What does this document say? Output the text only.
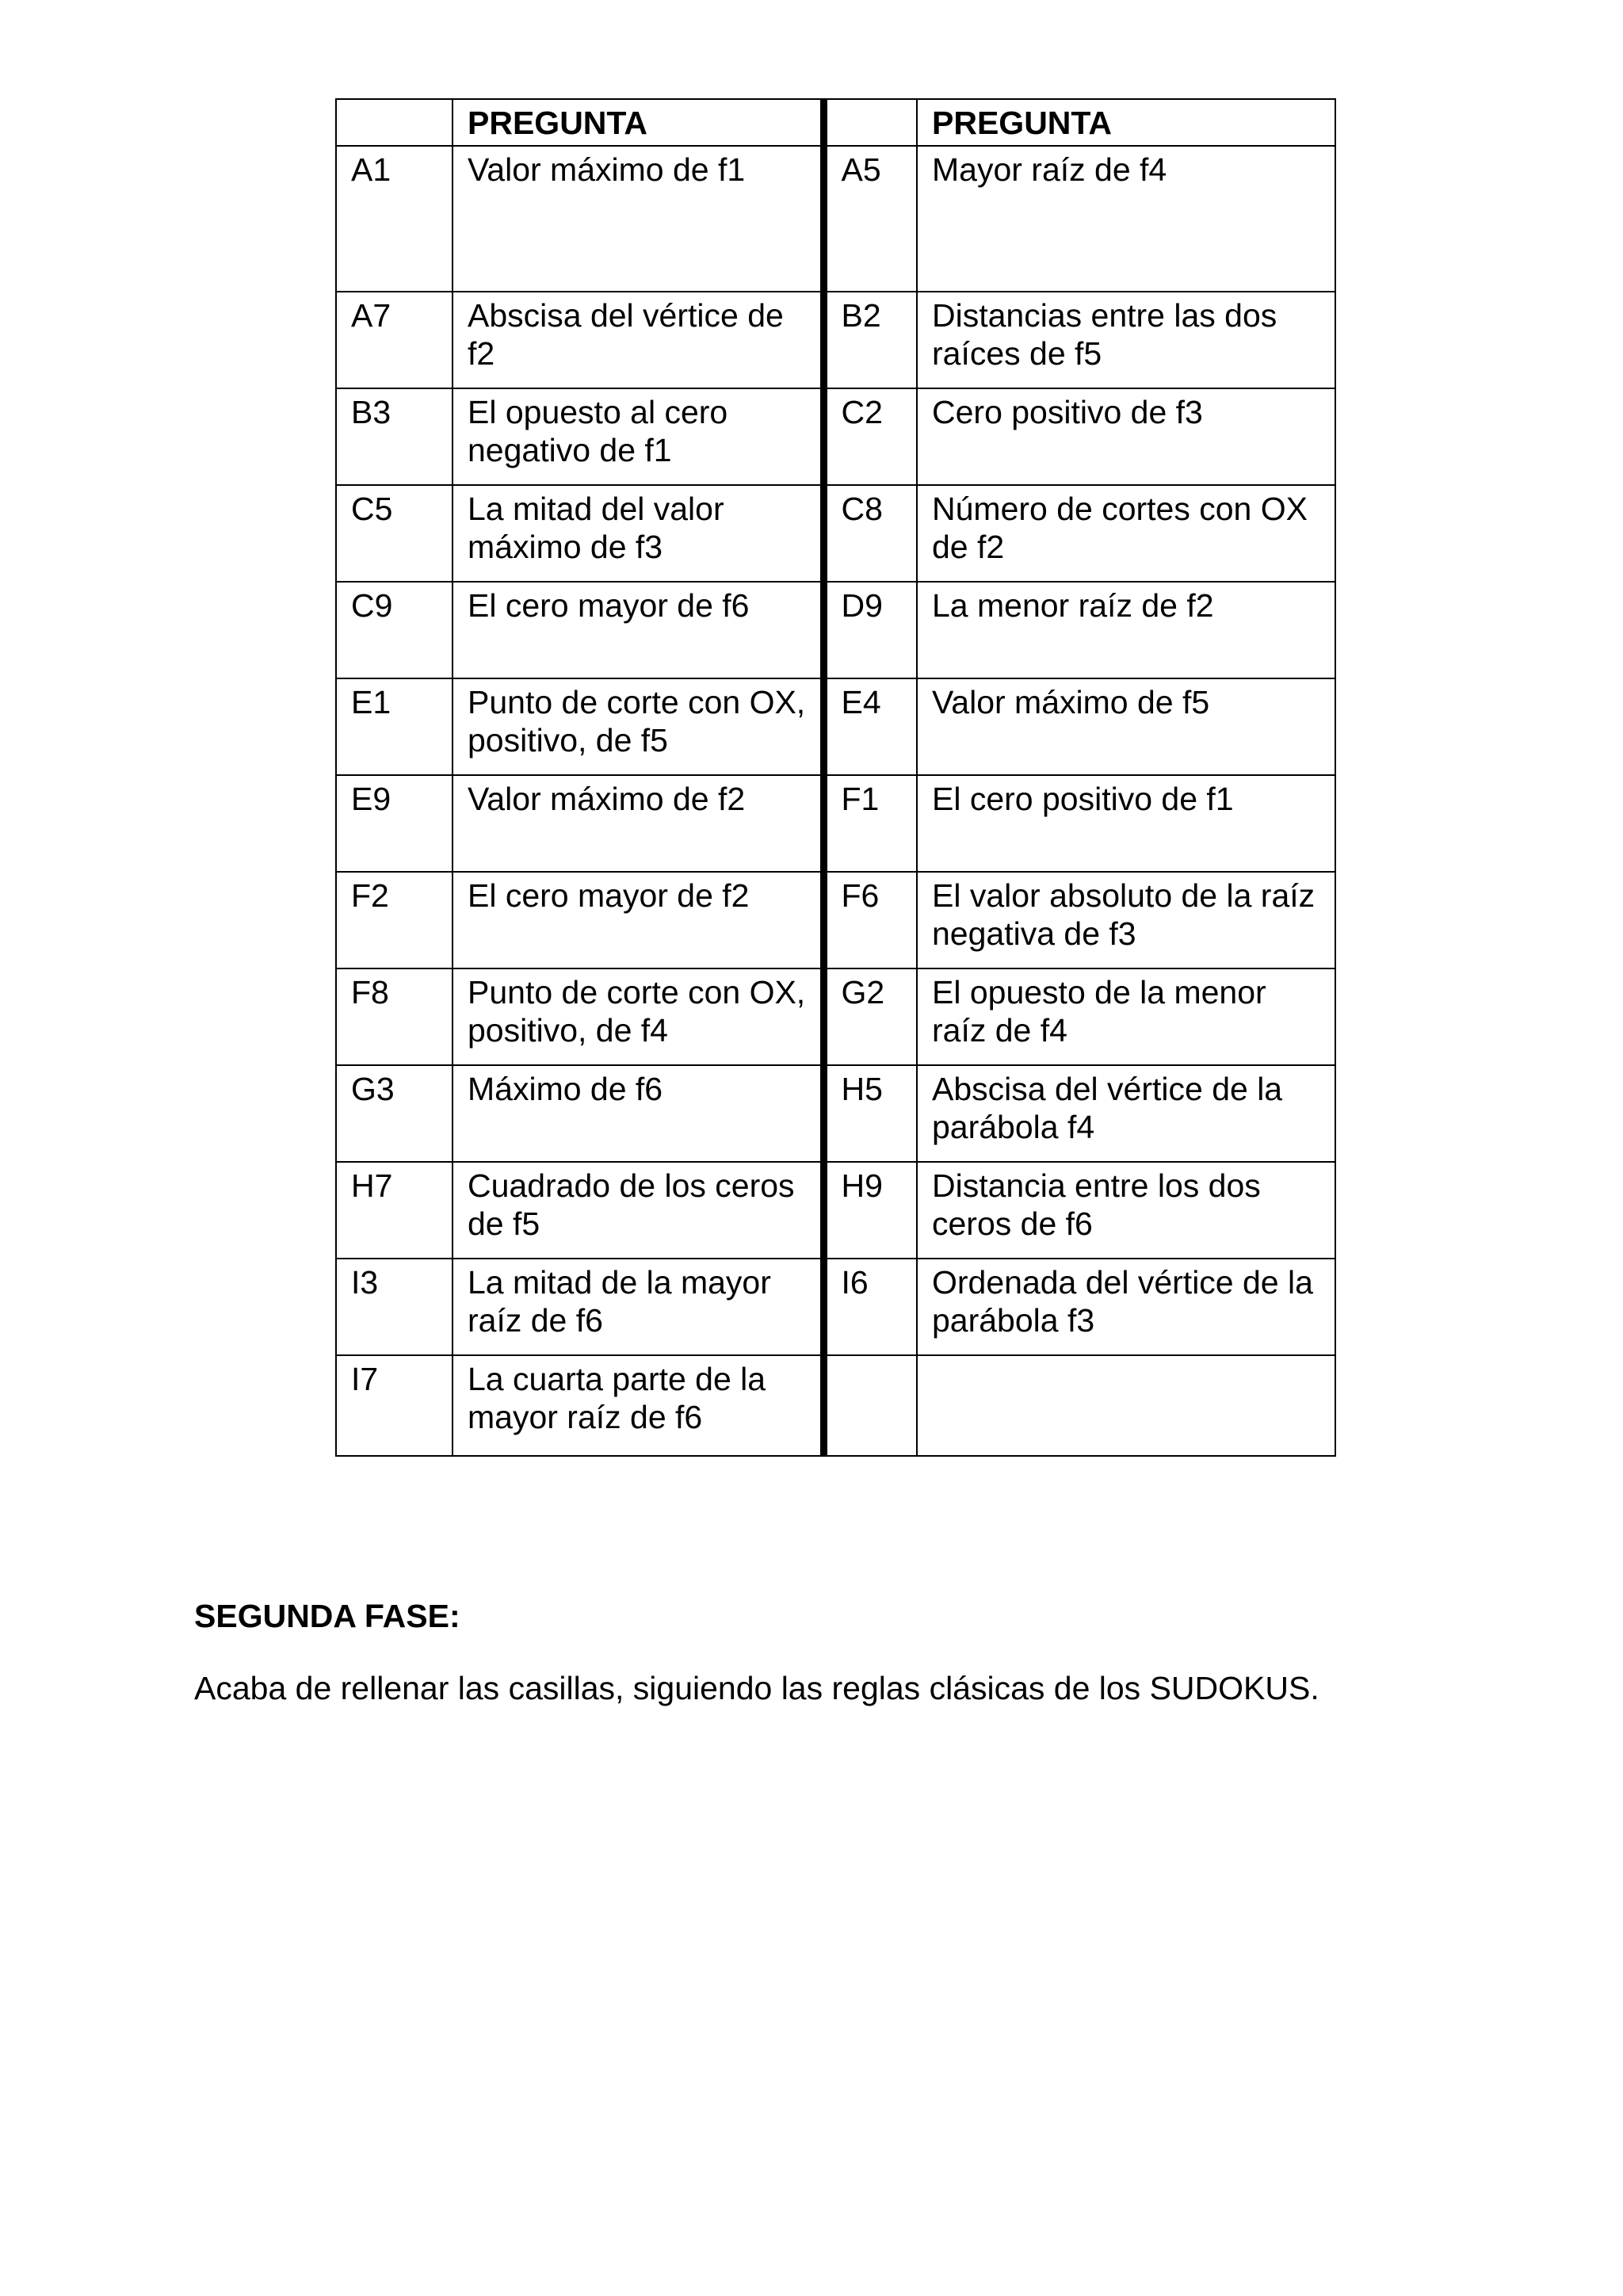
	PREGUNTA		PREGUNTA
A1	Valor máximo de f1	A5	Mayor raíz de f4
A7	Abscisa del vértice de f2	B2	Distancias entre las dos raíces de f5
B3	El opuesto al cero negativo de f1	C2	Cero positivo de f3
C5	La mitad del valor máximo de f3	C8	Número de cortes con OX de f2
C9	El cero mayor de f6	D9	La menor raíz de f2
E1	Punto de corte con OX, positivo, de f5	E4	Valor máximo de f5
E9	Valor máximo de f2	F1	El cero positivo de f1
F2	El cero mayor de f2	F6	El valor absoluto de la raíz negativa de f3
F8	Punto de corte con OX, positivo, de f4	G2	El opuesto de la menor raíz de f4
G3	Máximo de f6	H5	Abscisa del vértice de la parábola f4
H7	Cuadrado de los ceros de f5	H9	Distancia entre los dos ceros de f6
I3	La mitad de la mayor raíz de f6	I6	Ordenada del vértice de la parábola f3
I7	La cuarta parte de la mayor raíz de f6		

SEGUNDA FASE:

Acaba de rellenar las casillas, siguiendo las reglas clásicas de los SUDOKUS.
